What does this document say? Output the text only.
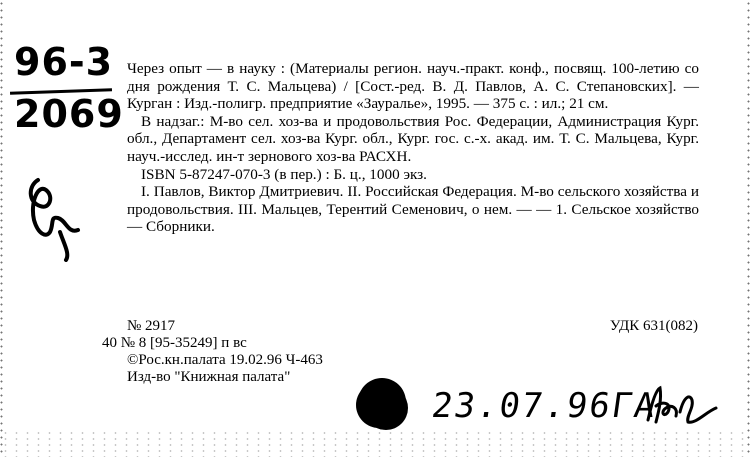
96-3
2069

Через опыт — в науку : (Материалы регион. науч.-практ. конф., посвящ. 100-летию со дня рождения Т. С. Мальцева) / [Сост.-ред. В. Д. Павлов, А. С. Степановских]. — Курган : Изд.-полигр. предприятие «Зауралье», 1995. — 375 с. : ил.; 21 см.

В надзаг.: М-во сел. хоз-ва и продовольствия Рос. Федерации, Администрация Кург. обл., Департамент сел. хоз-ва Кург. обл., Кург. гос. с.-х. акад. им. Т. С. Мальцева, Кург. науч.-исслед. ин-т зернового хоз-ва РАСХН.

ISBN 5-87247-070-3 (в пер.) : Б. ц., 1000 экз.

I. Павлов, Виктор Дмитриевич. II. Российская Федерация. М-во сельского хозяйства и продовольствия. III. Мальцев, Терентий Семенович, о нем. — — 1. Сельское хозяйство — Сборники.

№ 2917	УДК 631(082)
40 № 8 [95-35249] п вс
©Рос.кн.палата 19.02.96 Ч-463
Изд-во "Книжная палата"
23.07.96ГА
